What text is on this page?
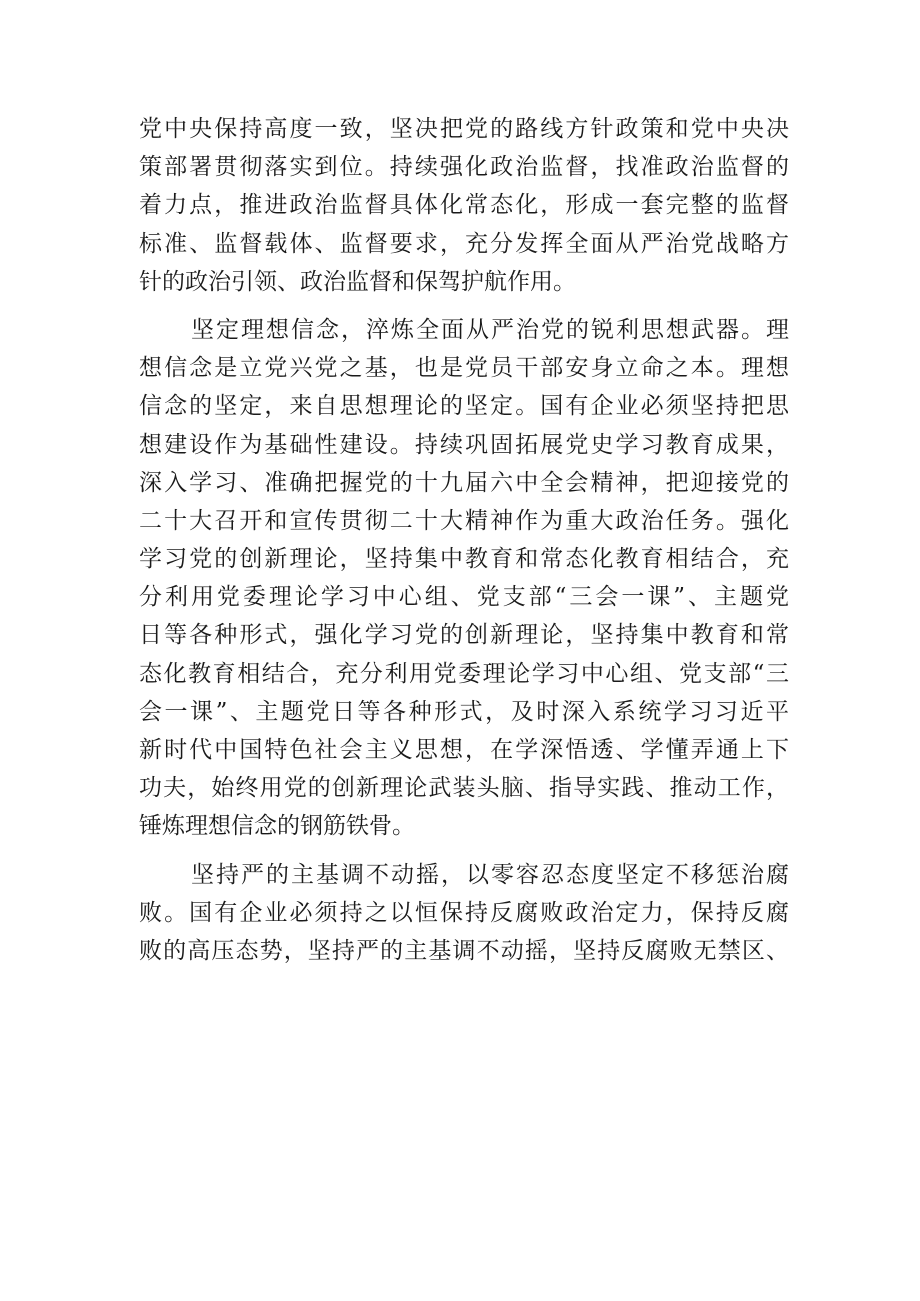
党中央保持高度一致，坚决把党的路线方针政策和党中央决
策部署贯彻落实到位。持续强化政治监督，找准政治监督的
着力点，推进政治监督具体化常态化，形成一套完整的监督
标准、监督载体、监督要求，充分发挥全面从严治党战略方
针的政治引领、政治监督和保驾护航作用。
坚定理想信念，淬炼全面从严治党的锐利思想武器。理
想信念是立党兴党之基，也是党员干部安身立命之本。理想
信念的坚定，来自思想理论的坚定。国有企业必须坚持把思
想建设作为基础性建设。持续巩固拓展党史学习教育成果，
深入学习、准确把握党的十九届六中全会精神，把迎接党的
二十大召开和宣传贯彻二十大精神作为重大政治任务。强化
学习党的创新理论，坚持集中教育和常态化教育相结合，充
分利用党委理论学习中心组、党支部“三会一课”、主题党
日等各种形式，强化学习党的创新理论，坚持集中教育和常
态化教育相结合，充分利用党委理论学习中心组、党支部“三
会一课”、主题党日等各种形式，及时深入系统学习习近平
新时代中国特色社会主义思想，在学深悟透、学懂弄通上下
功夫，始终用党的创新理论武装头脑、指导实践、推动工作，
锤炼理想信念的钢筋铁骨。
坚持严的主基调不动摇，以零容忍态度坚定不移惩治腐
败。国有企业必须持之以恒保持反腐败政治定力，保持反腐
败的高压态势，坚持严的主基调不动摇，坚持反腐败无禁区、
